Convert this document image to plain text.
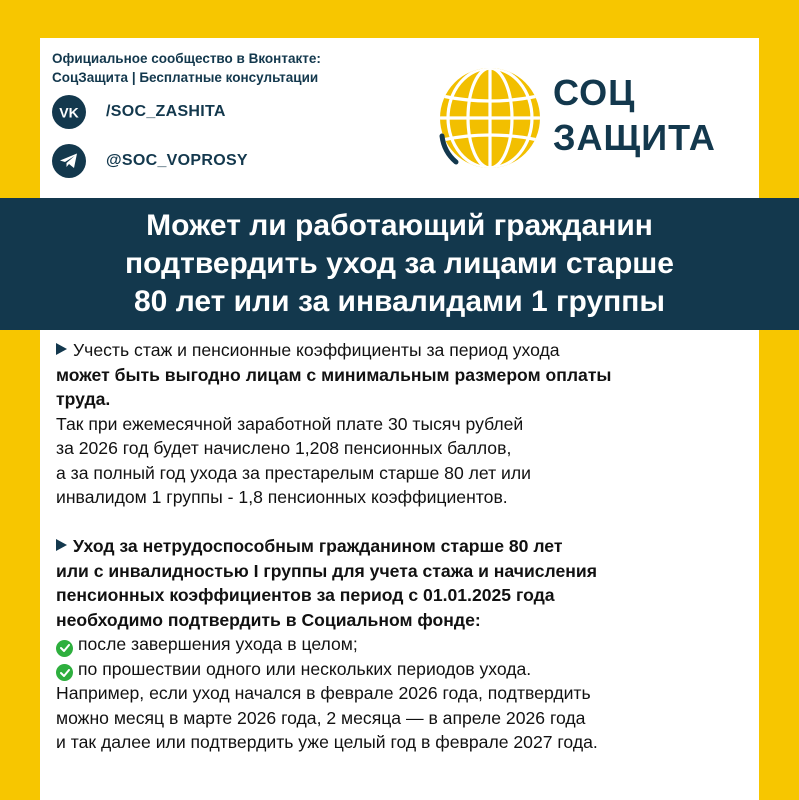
Официальное сообщество в Вконтакте:
СоцЗащита | Бесплатные консультации
VK /SOC_ZASHITA
@SOC_VOPROSY
СОЦ
ЗАЩИТА
Может ли работающий гражданин
подтвердить уход за лицами старше
80 лет или за инвалидами 1 группы
Учесть стаж и пенсионные коэффициенты за период ухода
может быть выгодно лицам с минимальным размером оплаты
труда.
Так при ежемесячной заработной плате 30 тысяч рублей
за 2026 год будет начислено 1,208 пенсионных баллов,
а за полный год ухода за престарелым старше 80 лет или
инвалидом 1 группы - 1,8 пенсионных коэффициентов.
Уход за нетрудоспособным гражданином старше 80 лет
или с инвалидностью I группы для учета стажа и начисления
пенсионных коэффициентов за период с 01.01.2025 года
необходимо подтвердить в Социальном фонде:
после завершения ухода в целом;
по прошествии одного или нескольких периодов ухода.
Например, если уход начался в феврале 2026 года, подтвердить
можно месяц в марте 2026 года, 2 месяца — в апреле 2026 года
и так далее или подтвердить уже целый год в феврале 2027 года.
